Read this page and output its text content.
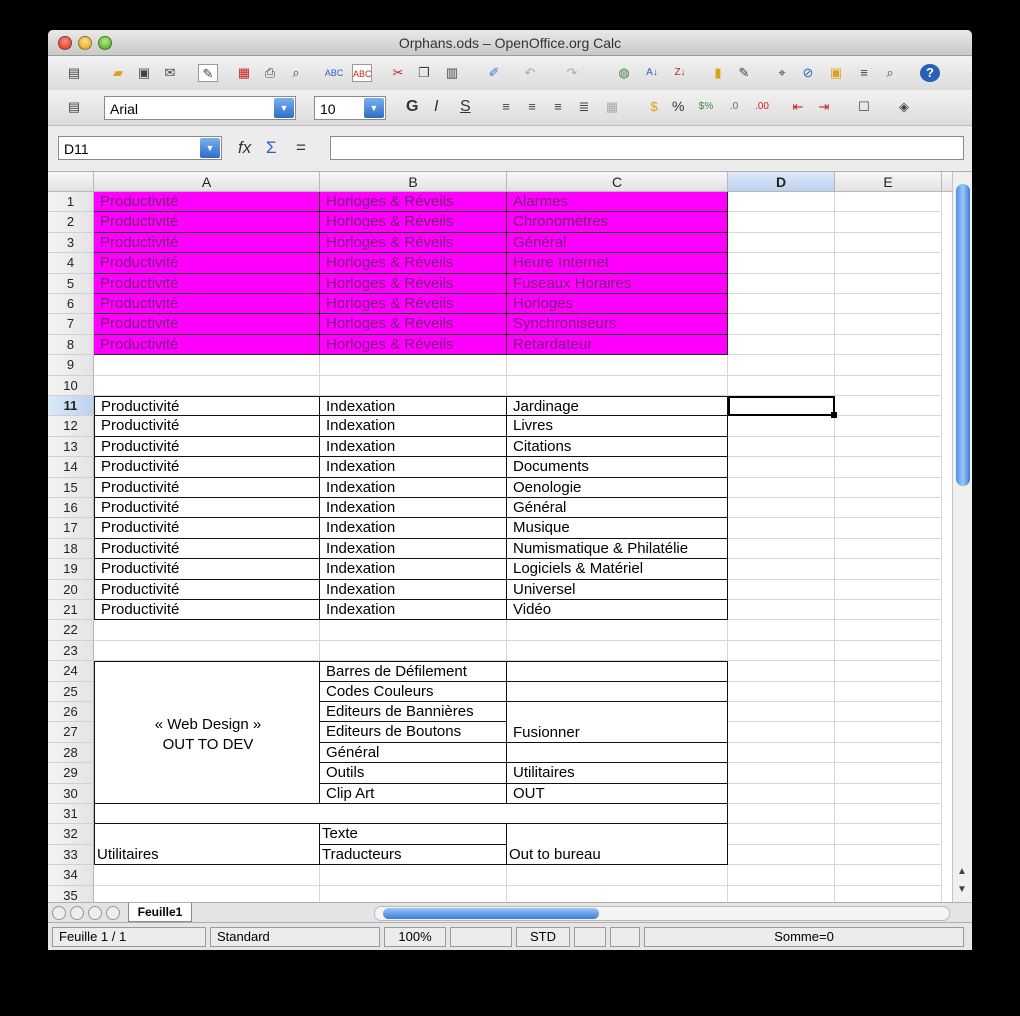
Orphans.ods – OpenOffice.org Calc
▤	▰	▣	✉	✎	▦	⎙	⌕	ABC ABC	✂	❐	▥	✐	↶	↷	◍	A↓	Z↓	▮	✎	⌖	⊘	▣	≡	⌕	?
▤ Arial	▼	10	▼	G I S	≡	≡	≡	≣	▦	$	% $%	.0	.00	⇤	⇥	☐	◈
D11	▼	fx Σ =
A	B	C	D	E
1
2
3
4
5
6
7
8
9
10
11
12
13
14
15
16
17
18
19
20
21
22
23
24
25
26
27
28
29
30
31
32
33
34
35
Productivité	Horloges & Réveils	Alarmes
Productivité	Horloges & Réveils	Chronomètres
Productivité	Horloges & Réveils	Général
Productivité	Horloges & Réveils	Heure Internet
Productivité	Horloges & Réveils	Fuseaux Horaires
Productivité	Horloges & Réveils	Horloges
Productivité	Horloges & Réveils	Synchroniseurs
Productivité	Horloges & Réveils	Retardateur
Productivité	Indexation	Jardinage
Productivité	Indexation	Livres
Productivité	Indexation	Citations
Productivité	Indexation	Documents
Productivité	Indexation	Oenologie
Productivité	Indexation	Général
Productivité	Indexation	Musique
Productivité	Indexation	Numismatique & Philatélie
Productivité	Indexation	Logiciels & Matériel
Productivité	Indexation	Universel
Productivité	Indexation	Vidéo
« Web Design »
OUT TO DEV
Barres de Défilement
Codes Couleurs
Editeurs de Bannières
Editeurs de Boutons
Général
Outils
Clip Art
Fusionner
Utilitaires
OUT
Utilitaires
Texte
Traducteurs	Out to bureau
▲
▼
Feuille1
Feuille 1 / 1	Standard	100%	STD	Somme=0
